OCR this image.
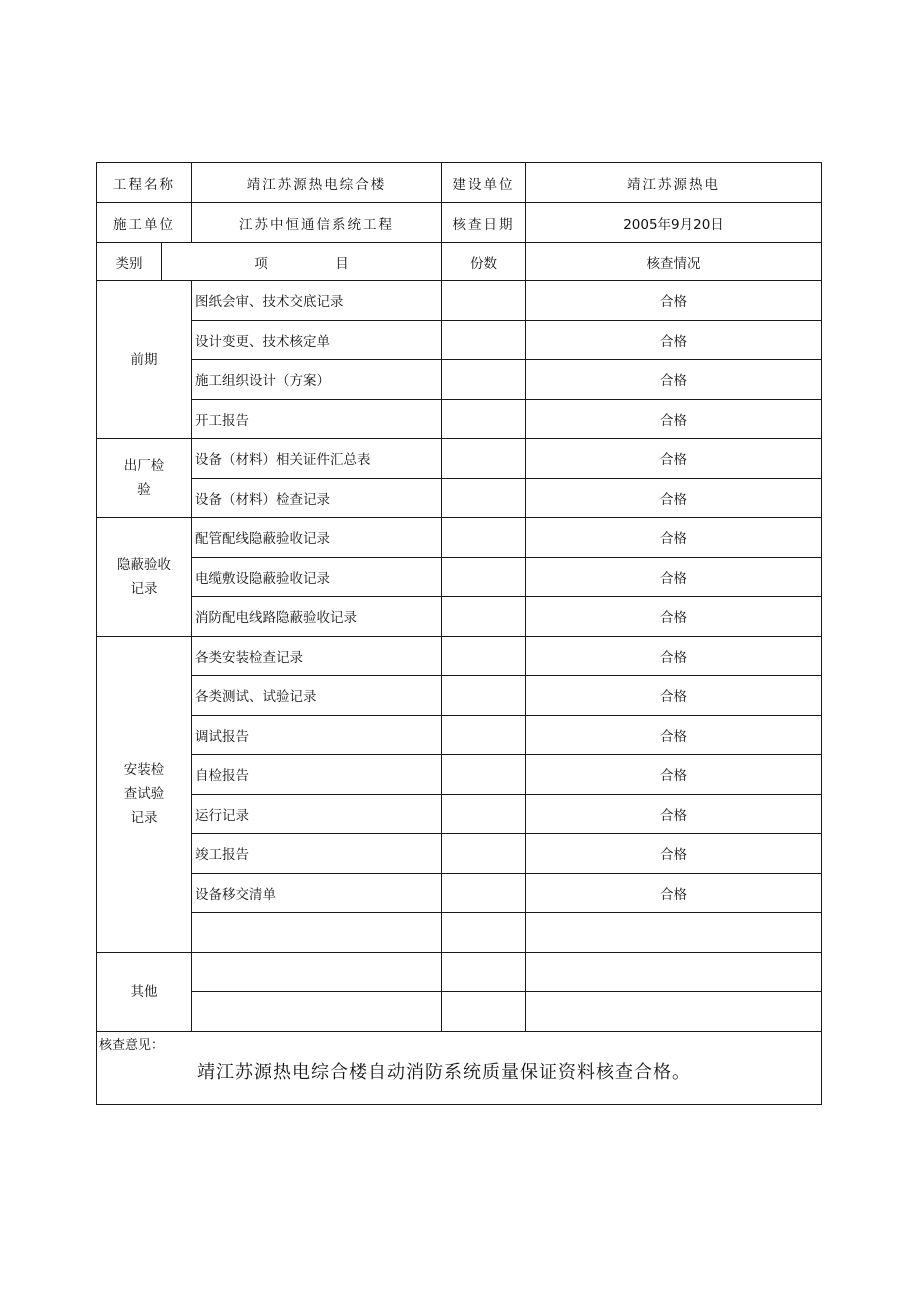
工程名称		靖江苏源热电综合楼	建设单位	靖江苏源热电
施工单位		江苏中恒通信系统工程	核查日期	2005年9月20日
类别	项　　　　　目		份数	核查情况
前期		图纸会审、技术交底记录		合格
		设计变更、技术核定单		合格
		施工组织设计（方案）		合格
		开工报告		合格
出厂检
验		设备（材料）相关证件汇总表		合格
		设备（材料）检查记录		合格
隐蔽验收
记录		配管配线隐蔽验收记录		合格
		电缆敷设隐蔽验收记录		合格
		消防配电线路隐蔽验收记录		合格
安装检
查试验
记录		各类安装检查记录		合格
		各类测试、试验记录		合格
		调试报告		合格
		自检报告		合格
		运行记录		合格
		竣工报告		合格
		设备移交清单		合格

其他				

核查意见：
靖江苏源热电综合楼自动消防系统质量保证资料核查合格。				
